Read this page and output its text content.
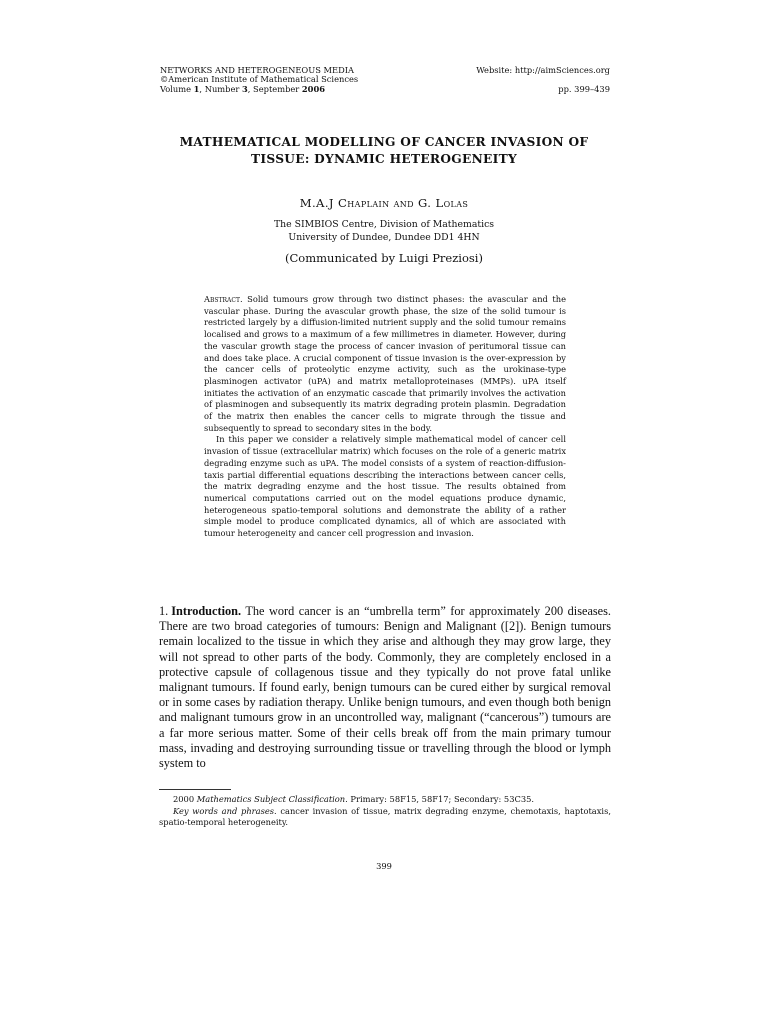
NETWORKS AND HETEROGENEOUS MEDIA
©American Institute of Mathematical Sciences
Volume 1, Number 3, September 2006
Website: http://aimSciences.org
pp. 399–439
MATHEMATICAL MODELLING OF CANCER INVASION OF
TISSUE: DYNAMIC HETEROGENEITY
M.A.J Chaplain and G. Lolas
The SIMBIOS Centre, Division of Mathematics
University of Dundee, Dundee DD1 4HN
(Communicated by Luigi Preziosi)

Abstract. Solid tumours grow through two distinct phases: the avascular and the vascular phase. During the avascular growth phase, the size of the solid tumour is restricted largely by a diffusion-limited nutrient supply and the solid tumour remains localised and grows to a maximum of a few millimetres in diameter. However, during the vascular growth stage the process of cancer invasion of peritumoral tissue can and does take place. A crucial component of tissue invasion is the over-expression by the cancer cells of proteolytic enzyme activity, such as the urokinase-type plasminogen activator (uPA) and matrix metalloproteinases (MMPs). uPA itself initiates the activation of an enzymatic cascade that primarily involves the activation of plasminogen and subsequently its matrix degrading protein plasmin. Degradation of the matrix then enables the cancer cells to migrate through the tissue and subsequently to spread to secondary sites in the body.

In this paper we consider a relatively simple mathematical model of cancer cell invasion of tissue (extracellular matrix) which focuses on the role of a generic matrix degrading enzyme such as uPA. The model consists of a system of reaction-diffusion-taxis partial differential equations describing the interactions between cancer cells, the matrix degrading enzyme and the host tissue. The results obtained from numerical computations carried out on the model equations produce dynamic, heterogeneous spatio-temporal solutions and demonstrate the ability of a rather simple model to produce complicated dynamics, all of which are associated with tumour heterogeneity and cancer cell progression and invasion.

1. Introduction. The word cancer is an “umbrella term” for approximately 200 diseases. There are two broad categories of tumours: Benign and Malignant ([2]). Benign tumours remain localized to the tissue in which they arise and although they may grow large, they will not spread to other parts of the body. Commonly, they are completely enclosed in a protective capsule of collagenous tissue and they typically do not prove fatal unlike malignant tumours. If found early, benign tumours can be cured either by surgical removal or in some cases by radiation therapy. Unlike benign tumours, and even though both benign and malignant tumours grow in an uncontrolled way, malignant (“cancerous”) tumours are a far more serious matter. Some of their cells break off from the main primary tumour mass, invading and destroying surrounding tissue or travelling through the blood or lymph system to

2000 Mathematics Subject Classification. Primary: 58F15, 58F17; Secondary: 53C35.

Key words and phrases. cancer invasion of tissue, matrix degrading enzyme, chemotaxis, haptotaxis, spatio-temporal heterogeneity.

399
